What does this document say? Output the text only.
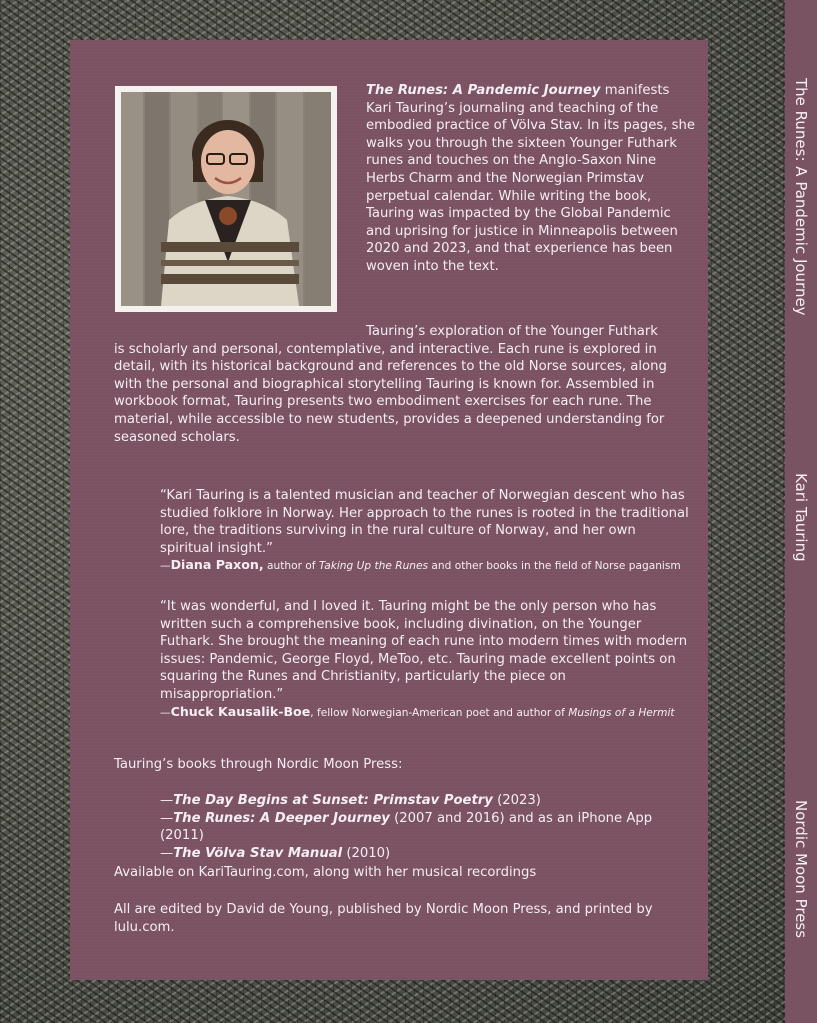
The Runes: A Pandemic Journey
Kari Tauring
Nordic Moon Press

The Runes: A Pandemic Journey manifests Kari Tauring’s journaling and teaching of the embodied practice of Völva Stav. In its pages, she walks you through the sixteen Younger Futhark runes and touches on the Anglo-Saxon Nine Herbs Charm and the Norwegian Primstav perpetual calendar. While writing the book, Tauring was impacted by the Global Pandemic and uprising for justice in Minneapolis between 2020 and 2023, and that experience has been woven into the text.

Tauring’s exploration of the Younger Futhark

is scholarly and personal, contemplative, and interactive. Each rune is explored in detail, with its historical background and references to the old Norse sources, along with the personal and biographical storytelling Tauring is known for. Assembled in workbook format, Tauring presents two embodiment exercises for each rune. The material, while accessible to new students, provides a deepened understanding for seasoned scholars.

“Kari Tauring is a talented musician and teacher of Norwegian descent who has studied folklore in Norway. Her approach to the runes is rooted in the traditional lore, the traditions surviving in the rural culture of Norway, and her own spiritual insight.”

—Diana Paxon, author of Taking Up the Runes and other books in the field of Norse paganism

“It was wonderful, and I loved it. Tauring might be the only person who has written such a comprehensive book, including divination, on the Younger Futhark. She brought the meaning of each rune into modern times with modern issues: Pandemic, George Floyd, MeToo, etc. Tauring made excellent points on squaring the Runes and Christianity, particularly the piece on misappropriation.”

—Chuck Kausalik-Boe, fellow Norwegian-American poet and author of Musings of a Hermit

Tauring’s books through Nordic Moon Press:

—The Day Begins at Sunset: Primstav Poetry (2023)

—The Runes: A Deeper Journey (2007 and 2016) and as an iPhone App (2011)

—The Völva Stav Manual (2010)

Available on KariTauring.com, along with her musical recordings
All are edited by David de Young, published by Nordic Moon Press, and printed by lulu.com.
